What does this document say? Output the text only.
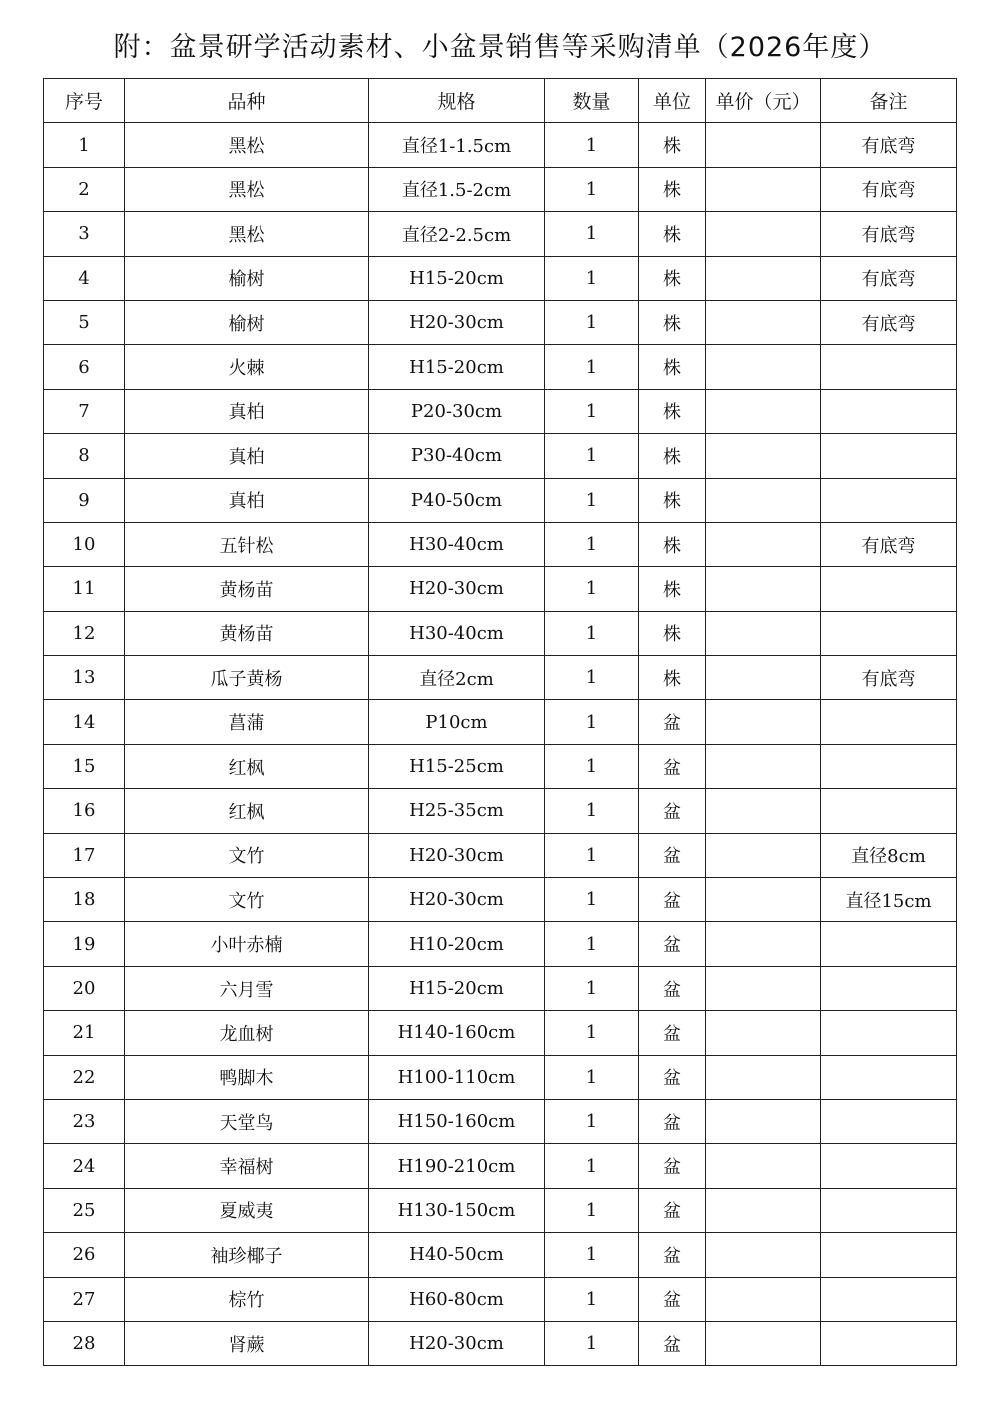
附：盆景研学活动素材、小盆景销售等采购清单（2026年度）
序号	品种	规格	数量	单位	单价（元）	备注
1	黑松	直径1-1.5cm	1	株		有底弯
2	黑松	直径1.5-2cm	1	株		有底弯
3	黑松	直径2-2.5cm	1	株		有底弯
4	榆树	H15-20cm	1	株		有底弯
5	榆树	H20-30cm	1	株		有底弯
6	火棘	H15-20cm	1	株		
7	真柏	P20-30cm	1	株		
8	真柏	P30-40cm	1	株		
9	真柏	P40-50cm	1	株		
10	五针松	H30-40cm	1	株		有底弯
11	黄杨苗	H20-30cm	1	株		
12	黄杨苗	H30-40cm	1	株		
13	瓜子黄杨	直径2cm	1	株		有底弯
14	菖蒲	P10cm	1	盆		
15	红枫	H15-25cm	1	盆		
16	红枫	H25-35cm	1	盆		
17	文竹	H20-30cm	1	盆		直径8cm
18	文竹	H20-30cm	1	盆		直径15cm
19	小叶赤楠	H10-20cm	1	盆		
20	六月雪	H15-20cm	1	盆		
21	龙血树	H140-160cm	1	盆		
22	鸭脚木	H100-110cm	1	盆		
23	天堂鸟	H150-160cm	1	盆		
24	幸福树	H190-210cm	1	盆		
25	夏威夷	H130-150cm	1	盆		
26	袖珍椰子	H40-50cm	1	盆		
27	棕竹	H60-80cm	1	盆		
28	肾蕨	H20-30cm	1	盆		
